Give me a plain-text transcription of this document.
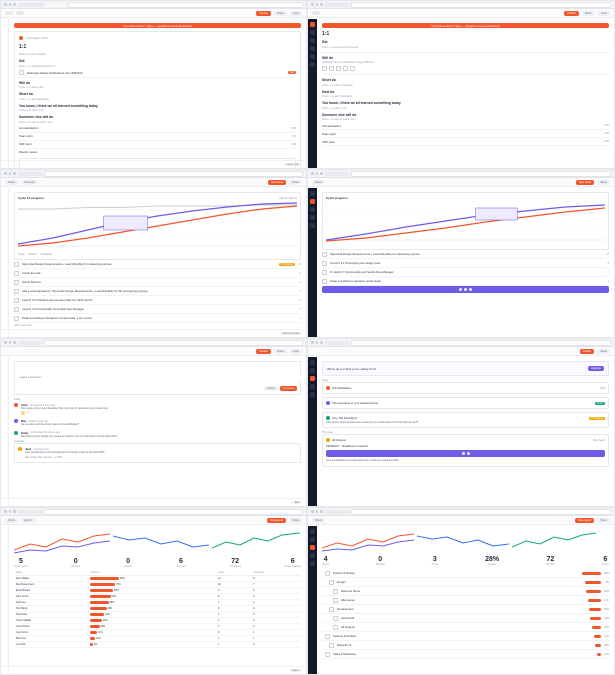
Publish	Share	Invite
Your trial ends in 7 days — upgrade to keep all features
Team space / Docs
1:1
Meeting notes template
Did
Press + to add accomplishment
Redesign Design Notifications from #29761F	Add
Will do
Press + to add a task
Short do
Press + to add challenges
You know, I think we all learned something today
Press + to add a note
Someone else will do
Press + to add an action item
Job satisfaction	8/10
Team spirit	7/10
UMF level	5/10
Weekly review
Learn more
Publish	Share	Invite
Your trial ends in 7 days — upgrade to keep all features
1:1
Did
Press + to add accomplishment
Will do
Redesign Design Notifications page #29761F
Short do
Press + to add a challenge
Next do
Press + to add challenges
You know, I think we all learned something today
Press + to add a note
Someone else will do
Press + to add an action item
Job satisfaction	8/10
Team spirit	7/10
UMF level	5/10
Filters	Group by	New issue	Share
Cycle 12 progress	Mar 01 – Mar 31
Scope Started Completed
Skyrocket Design Requirements + Lead (Flexible) for marketing purpose	In Progress	12
Check the task	3
Owner Burnout	2
Add a potential task for: Skyrocket Design Requirements + Lead (Flexible) for 3D prototyping purpose	1
Launch 3.0 Onboard new roomup ready for public launch	5
Launch 2.5 Functionality and public New Manager	7
Swap something to designers social media, 1 per month	2
Add a new task
Add a new task
Filters	New issue	Share
Cycle progress
Skyrocket Design Requirements + Lead (Flexible) for marketing purpose	12
Convert 3.1 Prototyping into design tools	8
To build 2.7 Functionality and handle New Manager	6
Swap something to designer portal ready	4
Publish	Share	Invite
Leave a comment…
Cancel	Comment
Today
Alice commented 2 hours ago
Nice work on the new onboarding flow, the drop-off rate looks much better now.
6
Max replied 1 hour ago
Can we also add the empty state for the dashboard?
Emily commented 45 minutes ago
Reminders of the people who create an account you can still want to set the date with?
Yesterday
Jack mentioned you
Cool specifications and developments of design ready we all about 80%
Spec Page PDF overview 2.4 MB
Edit
Publish	Share
Where do you think you're calling from?	Upgrade
Today
Job satisfaction	8/10
The new items in your Uptown Home	Done
Amy The Friendly R…	In Progress
Take twenty of the people were created so you should want to let that with the web?
This week
Jill Outpost	Day Result
PRODUCT · Readiness 1 Launch
Cool specifications and developments of what you wanted to 80%
Filters	Export	New report	Share
5
Active cycles
0
Blocked
0
Overdue
6
In review
72
Completed
6
Scope changes
Name	Progress	Issues	Completed
Alice Walker	86%	12	8
Max Mustermann	74%	10	7
Emily Brooks	68%	9	6
Jack Turner	61%	8	5
Sara Lee	55%	7	4
Tom Hardy	49%	6	3
Nina Patel	42%	5	3
Omar Haddad	35%	4	2
Lena Fischer	28%	3	2
Ivan Petrov	21%	3	1
Mia Chen	15%	2	1
Leo Ricci	9%	1	0
Export
Filters	New report	Share
4
Teams
0
Blocked
3
At risk
28%
Growth
72
Shipped
6
Cycles
Product & Design	86%
Design	74%
Rebecca Stone	68%
Alia Larsen	61%
Development	55%
Jacob Hall	49%
Jill Outpost	42%
Science & Product	35%
Deborah Hi…	28%
Sales & Marketing	21%
